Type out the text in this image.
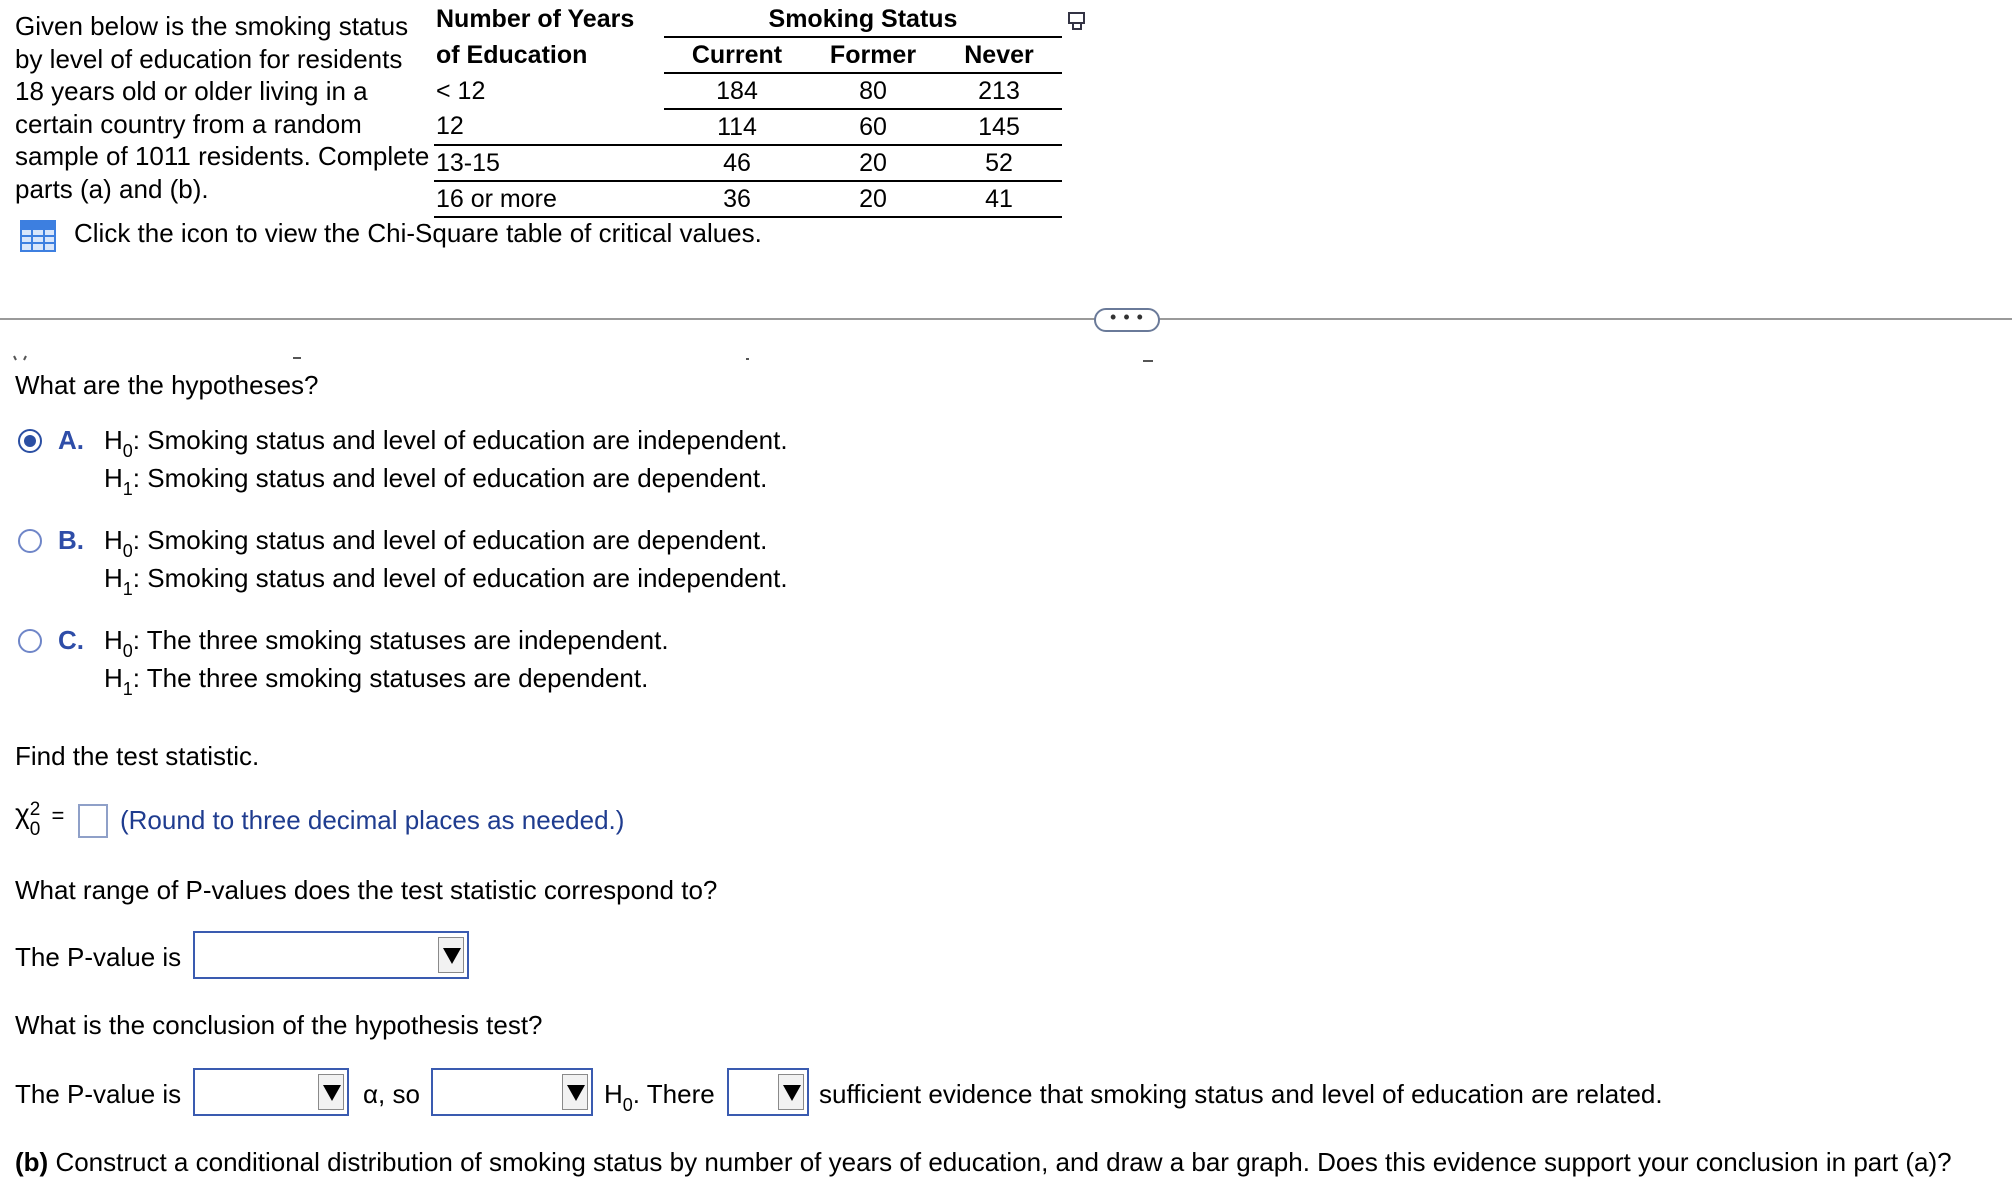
Given below is the smoking status by level of education for residents 18 years old or older living in a certain country from a random sample of 1011 residents. Complete parts (a) and (b).

Number of Years	Smoking Status		
of Education	Current	Former	Never
< 12	184	80	213
12	114	60	145
13-15	46	20	52
16 or more	36	20	41
Click the icon to view the Chi-Square table of critical values.
• • •
What are the hypotheses?
A. $H_0$: Smoking status and level of education are independent.
$H_1$: Smoking status and level of education are dependent.
B. $H_0$: Smoking status and level of education are dependent.
$H_1$: Smoking status and level of education are independent.
C. $H_0$: The three smoking statuses are independent.
$H_1$: The three smoking statuses are dependent.
Find the test statistic.
χ 2
0
= (Round to three decimal places as needed.)
What range of P-values does the test statistic correspond to?
The P-value is
What is the conclusion of the hypothesis test?
The P-value is	α, so	$H_0$. There	sufficient evidence that smoking status and level of education are related.
(b) Construct a conditional distribution of smoking status by number of years of education, and draw a bar graph. Does this evidence support your conclusion in part (a)?
